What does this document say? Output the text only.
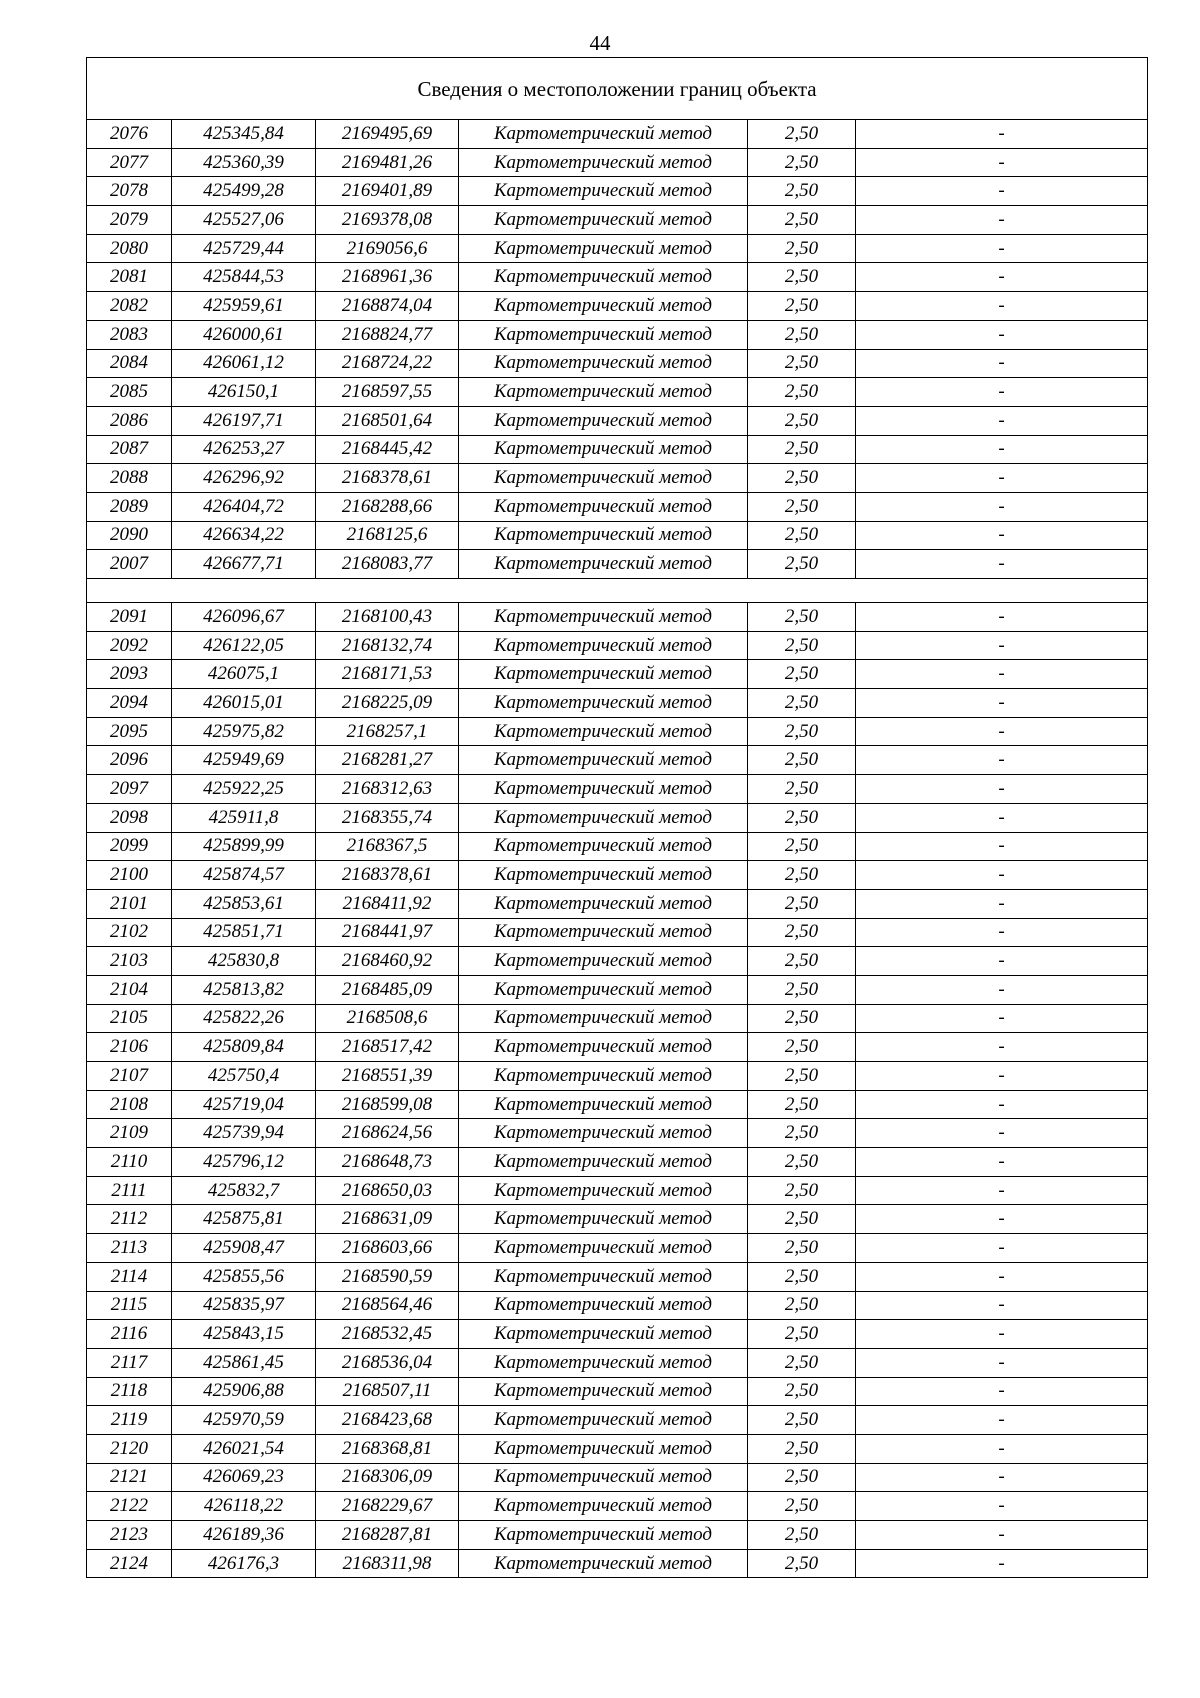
44
Сведения о местоположении границ объекта					
2076	425345,84	2169495,69	Картометрический метод	2,50	-
2077	425360,39	2169481,26	Картометрический метод	2,50	-
2078	425499,28	2169401,89	Картометрический метод	2,50	-
2079	425527,06	2169378,08	Картометрический метод	2,50	-
2080	425729,44	2169056,6	Картометрический метод	2,50	-
2081	425844,53	2168961,36	Картометрический метод	2,50	-
2082	425959,61	2168874,04	Картометрический метод	2,50	-
2083	426000,61	2168824,77	Картометрический метод	2,50	-
2084	426061,12	2168724,22	Картометрический метод	2,50	-
2085	426150,1	2168597,55	Картометрический метод	2,50	-
2086	426197,71	2168501,64	Картометрический метод	2,50	-
2087	426253,27	2168445,42	Картометрический метод	2,50	-
2088	426296,92	2168378,61	Картометрический метод	2,50	-
2089	426404,72	2168288,66	Картометрический метод	2,50	-
2090	426634,22	2168125,6	Картометрический метод	2,50	-
2007	426677,71	2168083,77	Картометрический метод	2,50	-

2091	426096,67	2168100,43	Картометрический метод	2,50	-
2092	426122,05	2168132,74	Картометрический метод	2,50	-
2093	426075,1	2168171,53	Картометрический метод	2,50	-
2094	426015,01	2168225,09	Картометрический метод	2,50	-
2095	425975,82	2168257,1	Картометрический метод	2,50	-
2096	425949,69	2168281,27	Картометрический метод	2,50	-
2097	425922,25	2168312,63	Картометрический метод	2,50	-
2098	425911,8	2168355,74	Картометрический метод	2,50	-
2099	425899,99	2168367,5	Картометрический метод	2,50	-
2100	425874,57	2168378,61	Картометрический метод	2,50	-
2101	425853,61	2168411,92	Картометрический метод	2,50	-
2102	425851,71	2168441,97	Картометрический метод	2,50	-
2103	425830,8	2168460,92	Картометрический метод	2,50	-
2104	425813,82	2168485,09	Картометрический метод	2,50	-
2105	425822,26	2168508,6	Картометрический метод	2,50	-
2106	425809,84	2168517,42	Картометрический метод	2,50	-
2107	425750,4	2168551,39	Картометрический метод	2,50	-
2108	425719,04	2168599,08	Картометрический метод	2,50	-
2109	425739,94	2168624,56	Картометрический метод	2,50	-
2110	425796,12	2168648,73	Картометрический метод	2,50	-
2111	425832,7	2168650,03	Картометрический метод	2,50	-
2112	425875,81	2168631,09	Картометрический метод	2,50	-
2113	425908,47	2168603,66	Картометрический метод	2,50	-
2114	425855,56	2168590,59	Картометрический метод	2,50	-
2115	425835,97	2168564,46	Картометрический метод	2,50	-
2116	425843,15	2168532,45	Картометрический метод	2,50	-
2117	425861,45	2168536,04	Картометрический метод	2,50	-
2118	425906,88	2168507,11	Картометрический метод	2,50	-
2119	425970,59	2168423,68	Картометрический метод	2,50	-
2120	426021,54	2168368,81	Картометрический метод	2,50	-
2121	426069,23	2168306,09	Картометрический метод	2,50	-
2122	426118,22	2168229,67	Картометрический метод	2,50	-
2123	426189,36	2168287,81	Картометрический метод	2,50	-
2124	426176,3	2168311,98	Картометрический метод	2,50	-
